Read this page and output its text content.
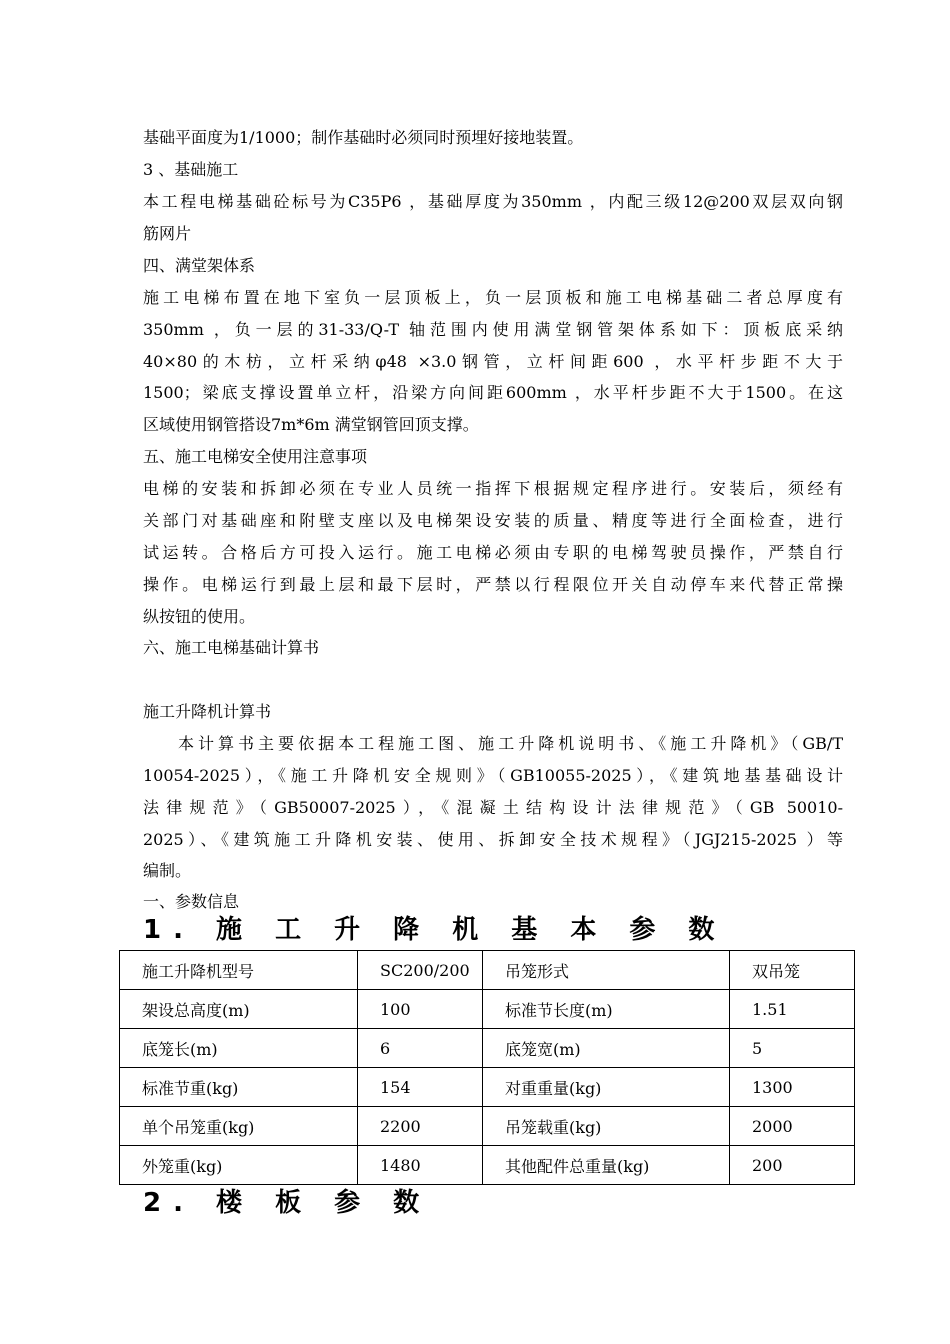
基础平面度为1/1000；制作基础时必须同时预埋好接地装置。
3 、基础施工
本工程电梯基础砼标号为C35P6 ，基础厚度为350mm ，内配三级12@200双层双向钢
筋网片
四、满堂架体系
施工电梯布置在地下室负一层顶板上，负一层顶板和施工电梯基础二者总厚度有
350mm ，负一层的31-33/Q-T 轴范围内使用满堂钢管架体系如下：顶板底采纳
40×80的木枋，立杆采纳φ48 ×3.0钢管，立杆间距600 ，水平杆步距不大于
1500；梁底支撑设置单立杆，沿梁方向间距600mm ，水平杆步距不大于1500。在这
区域使用钢管搭设7m*6m 满堂钢管回顶支撑。
五、施工电梯安全使用注意事项
电梯的安装和拆卸必须在专业人员统一指挥下根据规定程序进行。安装后，须经有
关部门对基础座和附壁支座以及电梯架设安装的质量、精度等进行全面检查，进行
试运转。合格后方可投入运行。施工电梯必须由专职的电梯驾驶员操作，严禁自行
操作。电梯运行到最上层和最下层时，严禁以行程限位开关自动停车来代替正常操
纵按钮的使用。
六、施工电梯基础计算书
施工升降机计算书
本计算书主要依据本工程施工图、施工升降机说明书、《施工升降机》（GB/T
10054-2025），《施工升降机安全规则》（GB10055-2025），《建筑地基基础设计
法律规范》（GB50007-2025），《混凝土结构设计法律规范》（GB 50010-
2025）、《建筑施工升降机安装、使用、拆卸安全技术规程》（JGJ215-2025 ）等
编制。
一、参数信息
1. 施 工 升 降 机 基 本 参 数
施工升降机型号	SC200/200	吊笼形式	双吊笼
架设总高度(m)	100	标准节长度(m)	1.51
底笼长(m)	6	底笼宽(m)	5
标准节重(kg)	154	对重重量(kg)	1300
单个吊笼重(kg)	2200	吊笼载重(kg)	2000
外笼重(kg)	1480	其他配件总重量(kg)	200
2. 楼 板 参 数
